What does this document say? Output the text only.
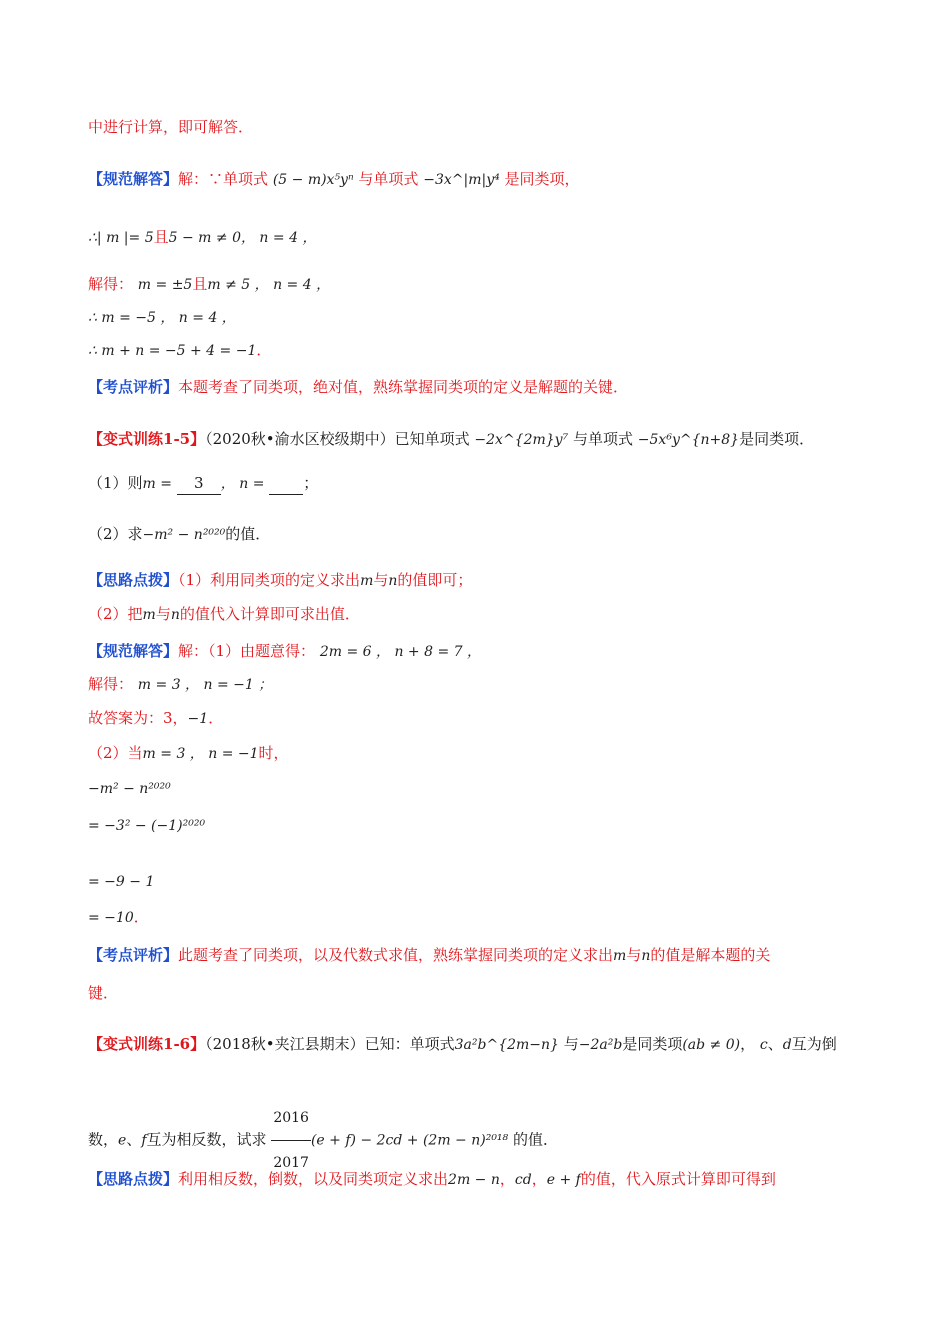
中进行计算，即可解答．
【规范解答】解：∵单项式 (5 − m)x⁵yⁿ 与单项式 −3x^|m|y⁴ 是同类项，
∴| m |= 5且5 − m ≠ 0， n = 4 ，
解得： m = ±5且m ≠ 5 ， n = 4 ，
∴ m = −5 ， n = 4 ，
∴ m + n = −5 + 4 = −1．
【考点评析】本题考查了同类项，绝对值，熟练掌握同类项的定义是解题的关键．
【变式训练1-5】（2020秋•渝水区校级期中）已知单项式 −2x^{2m}y⁷ 与单项式 −5x⁶y^{n+8}是同类项．
（1）则m = 3 ， n =	；
（2）求−m² − n²⁰²⁰的值．
【思路点拨】（1）利用同类项的定义求出m与n的值即可；
（2）把m与n的值代入计算即可求出值．
【规范解答】解：（1）由题意得： 2m = 6 ， n + 8 = 7 ，
解得： m = 3 ， n = −1 ；
故答案为：3，−1．
（2）当m = 3 ， n = −1时，
−m² − n²⁰²⁰
= −3² − (−1)²⁰²⁰
= −9 − 1
= −10．
【考点评析】此题考查了同类项，以及代数式求值，熟练掌握同类项的定义求出m与n的值是解本题的关
键．
【变式训练1-6】（2018秋•夹江县期末）已知：单项式3a²b^{2m−n} 与−2a²b是同类项(ab ≠ 0)， c、d互为倒
数，e、f互为相反数，试求 $\frac{2016}{2017} (e + f) - 2cd + (2m - n)^{2018}$ 的值．
【思路点拨】利用相反数，倒数，以及同类项定义求出2m − n，cd，e + f的值，代入原式计算即可得到
